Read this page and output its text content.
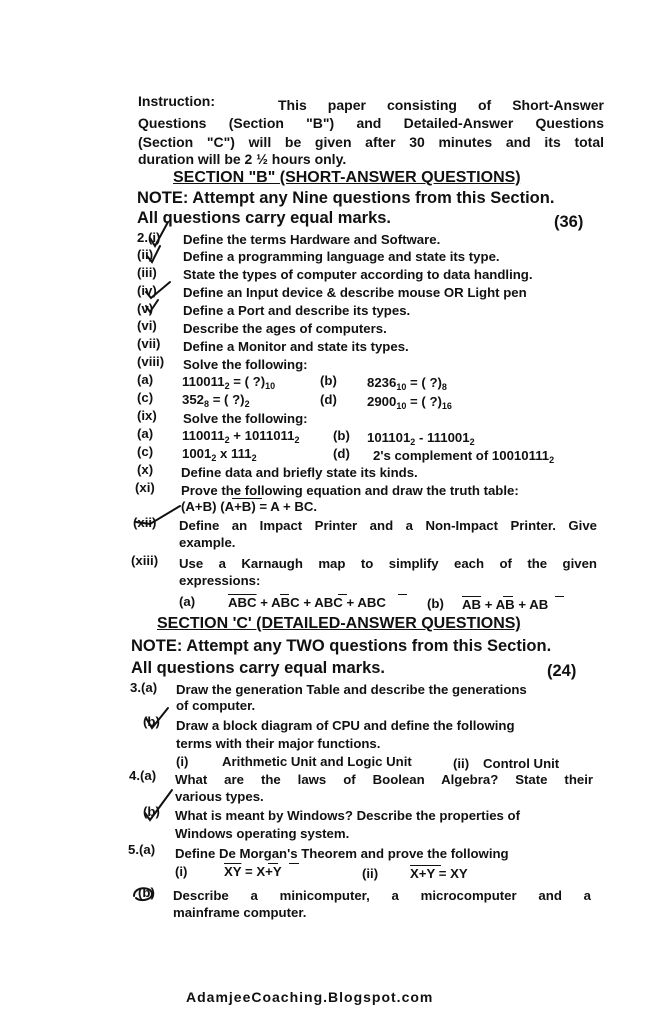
Instruction:	This paper consisting of Short-Answer
Questions (Section "B") and Detailed-Answer Questions
(Section "C") will be given after 30 minutes and its total
duration will be 2 ½ hours only.
SECTION "B" (SHORT-ANSWER QUESTIONS)
NOTE: Attempt any Nine questions from this Section.
All questions carry equal marks.	(36)
2.(i) Define the terms Hardware and Software.
(ii) Define a programming language and state its type.
(iii) State the types of computer according to data handling.
(iv) Define an Input device & describe mouse OR Light pen
(v) Define a Port and describe its types.
(vi) Describe the ages of computers.
(vii) Define a Monitor and state its types.
(viii) Solve the following:
(a) $110011_2$ = ( $?)_{10}$	(b) $8236_{10}$ = ( $?)_8$
(c) $352_8$ = ( $?)_2$	(d) $2900_{10}$ = ( $?)_{16}$
(ix) Solve the following:
(a) $110011_2 + 1011011_2$	(b) $101101_2 - 111001_2$
(c) $1001_2$ x $111_2$	(d) 2's complement of $10010111_2$
(x) Define data and briefly state its kinds.
(xi) Prove the following equation and draw the truth table:
(A+B) (A+B) = A + BC.
(xii) Define an Impact Printer and a Non-Impact Printer. Give
example.
(xiii) Use a Karnaugh map to simplify each of the given
expressions:
(a) $\overline{ABC}$ + ABC + ABC + ABC	(b) $\overline{AB}$ + AB + AB
SECTION 'C' (DETAILED-ANSWER QUESTIONS)
NOTE: Attempt any TWO questions from this Section.
All questions carry equal marks.	(24)
3.(a) Draw the generation Table and describe the generations
of computer.
(b) Draw a block diagram of CPU and define the following
terms with their major functions.
(i)	Arithmetic Unit and Logic Unit	(ii) Control Unit
4.(a) What are the laws of Boolean Algebra? State their
various types.
(b) What is meant by Windows? Describe the properties of
Windows operating system.
5.(a) Define De Morgan's Theorem and prove the following
(i)	$\overline{XY} = X+Y$	(ii) X+Y = XY
(b) Describe a minicomputer, a microcomputer and a
mainframe computer.
AdamjeeCoaching.Blogspot.com
